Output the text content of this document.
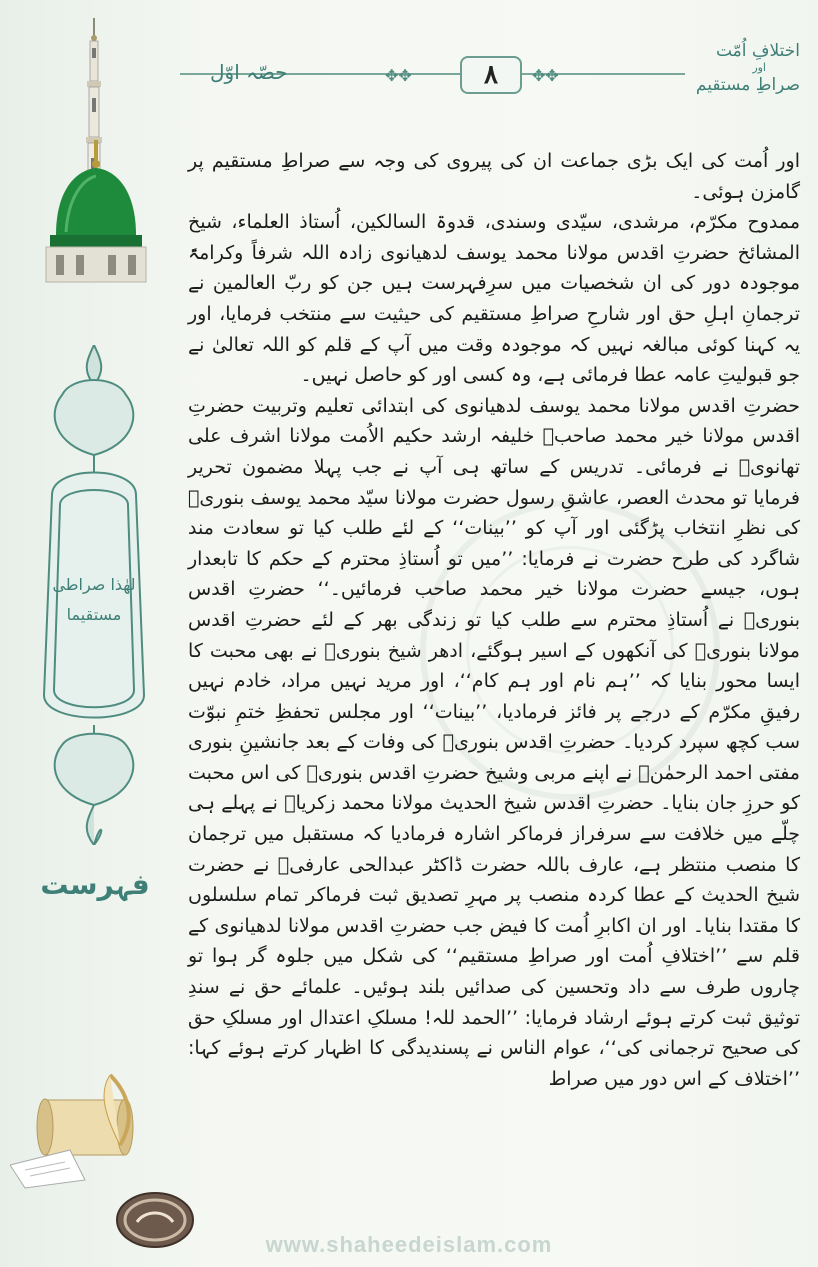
✥✥	✥✥
۸
حصّہ اوّل
اختلافِ اُمّت
اور
صراطِ مستقیم

اور اُمت کی ایک بڑی جماعت ان کی پیروی کی وجہ سے صراطِ مستقیم پر گامزن ہوئی۔

ممدوح مکرّم، مرشدی، سیّدی وسندی، قدوۃ السالکین، اُستاذ العلماء، شیخ المشائخ حضرتِ اقدس مولانا محمد یوسف لدھیانوی زادہ اللہ شرفاً وکرامۃً موجودہ دور کی ان شخصیات میں سرِفہرست ہیں جن کو ربّ العالمین نے ترجمانِ اہلِ حق اور شارحِ صراطِ مستقیم کی حیثیت سے منتخب فرمایا، اور یہ کہنا کوئی مبالغہ نہیں کہ موجودہ وقت میں آپ کے قلم کو اللہ تعالیٰ نے جو قبولیتِ عامہ عطا فرمائی ہے، وہ کسی اور کو حاصل نہیں۔

حضرتِ اقدس مولانا محمد یوسف لدھیانوی کی ابتدائی تعلیم وتربیت حضرتِ اقدس مولانا خیر محمد صاحبؒ خلیفہ ارشد حکیم الاُمت مولانا اشرف علی تھانویؒ نے فرمائی۔ تدریس کے ساتھ ہی آپ نے جب پہلا مضمون تحریر فرمایا تو محدث العصر، عاشقِ رسول حضرت مولانا سیّد محمد یوسف بنوریؒ کی نظرِ انتخاب پڑگئی اور آپ کو ’’بینات‘‘ کے لئے طلب کیا تو سعادت مند شاگرد کی طرح حضرت نے فرمایا: ’’میں تو اُستاذِ محترم کے حکم کا تابعدار ہوں، جیسے حضرت مولانا خیر محمد صاحب فرمائیں۔‘‘ حضرتِ اقدس بنوریؒ نے اُستاذِ محترم سے طلب کیا تو زندگی بھر کے لئے حضرتِ اقدس مولانا بنوریؒ کی آنکھوں کے اسیر ہوگئے، ادھر شیخ بنوریؒ نے بھی محبت کا ایسا محور بنایا کہ ’’ہم نام اور ہم کام‘‘، اور مرید نہیں مراد، خادم نہیں رفیقِ مکرّم کے درجے پر فائز فرمادیا، ’’بینات‘‘ اور مجلس تحفظِ ختمِ نبوّت سب کچھ سپرد کردیا۔ حضرتِ اقدس بنوریؒ کی وفات کے بعد جانشینِ بنوری مفتی احمد الرحمٰنؒ نے اپنے مربی وشیخ حضرتِ اقدس بنوریؒ کی اس محبت کو حرزِ جان بنایا۔ حضرتِ اقدس شیخ الحدیث مولانا محمد زکریاؒ نے پہلے ہی چلّے میں خلافت سے سرفراز فرماکر اشارہ فرمادیا کہ مستقبل میں ترجمان کا منصب منتظر ہے، عارف باللہ حضرت ڈاکٹر عبدالحی عارفیؒ نے حضرت شیخ الحدیث کے عطا کردہ منصب پر مہرِ تصدیق ثبت فرماکر تمام سلسلوں کا مقتدا بنایا۔ اور ان اکابرِ اُمت کا فیض جب حضرتِ اقدس مولانا لدھیانوی کے قلم سے ’’اختلافِ اُمت اور صراطِ مستقیم‘‘ کی شکل میں جلوہ گر ہوا تو چاروں طرف سے داد وتحسین کی صدائیں بلند ہوئیں۔ علمائے حق نے سندِ توثیق ثبت کرتے ہوئے ارشاد فرمایا: ’’الحمد للہ! مسلکِ اعتدال اور مسلکِ حق کی صحیح ترجمانی کی‘‘، عوام الناس نے پسندیدگی کا اظہار کرتے ہوئے کہا: ’’اختلاف کے اس دور میں صراط

لھٰذا صراطی
مستقیما
فہرست
www.shaheedeislam.com
